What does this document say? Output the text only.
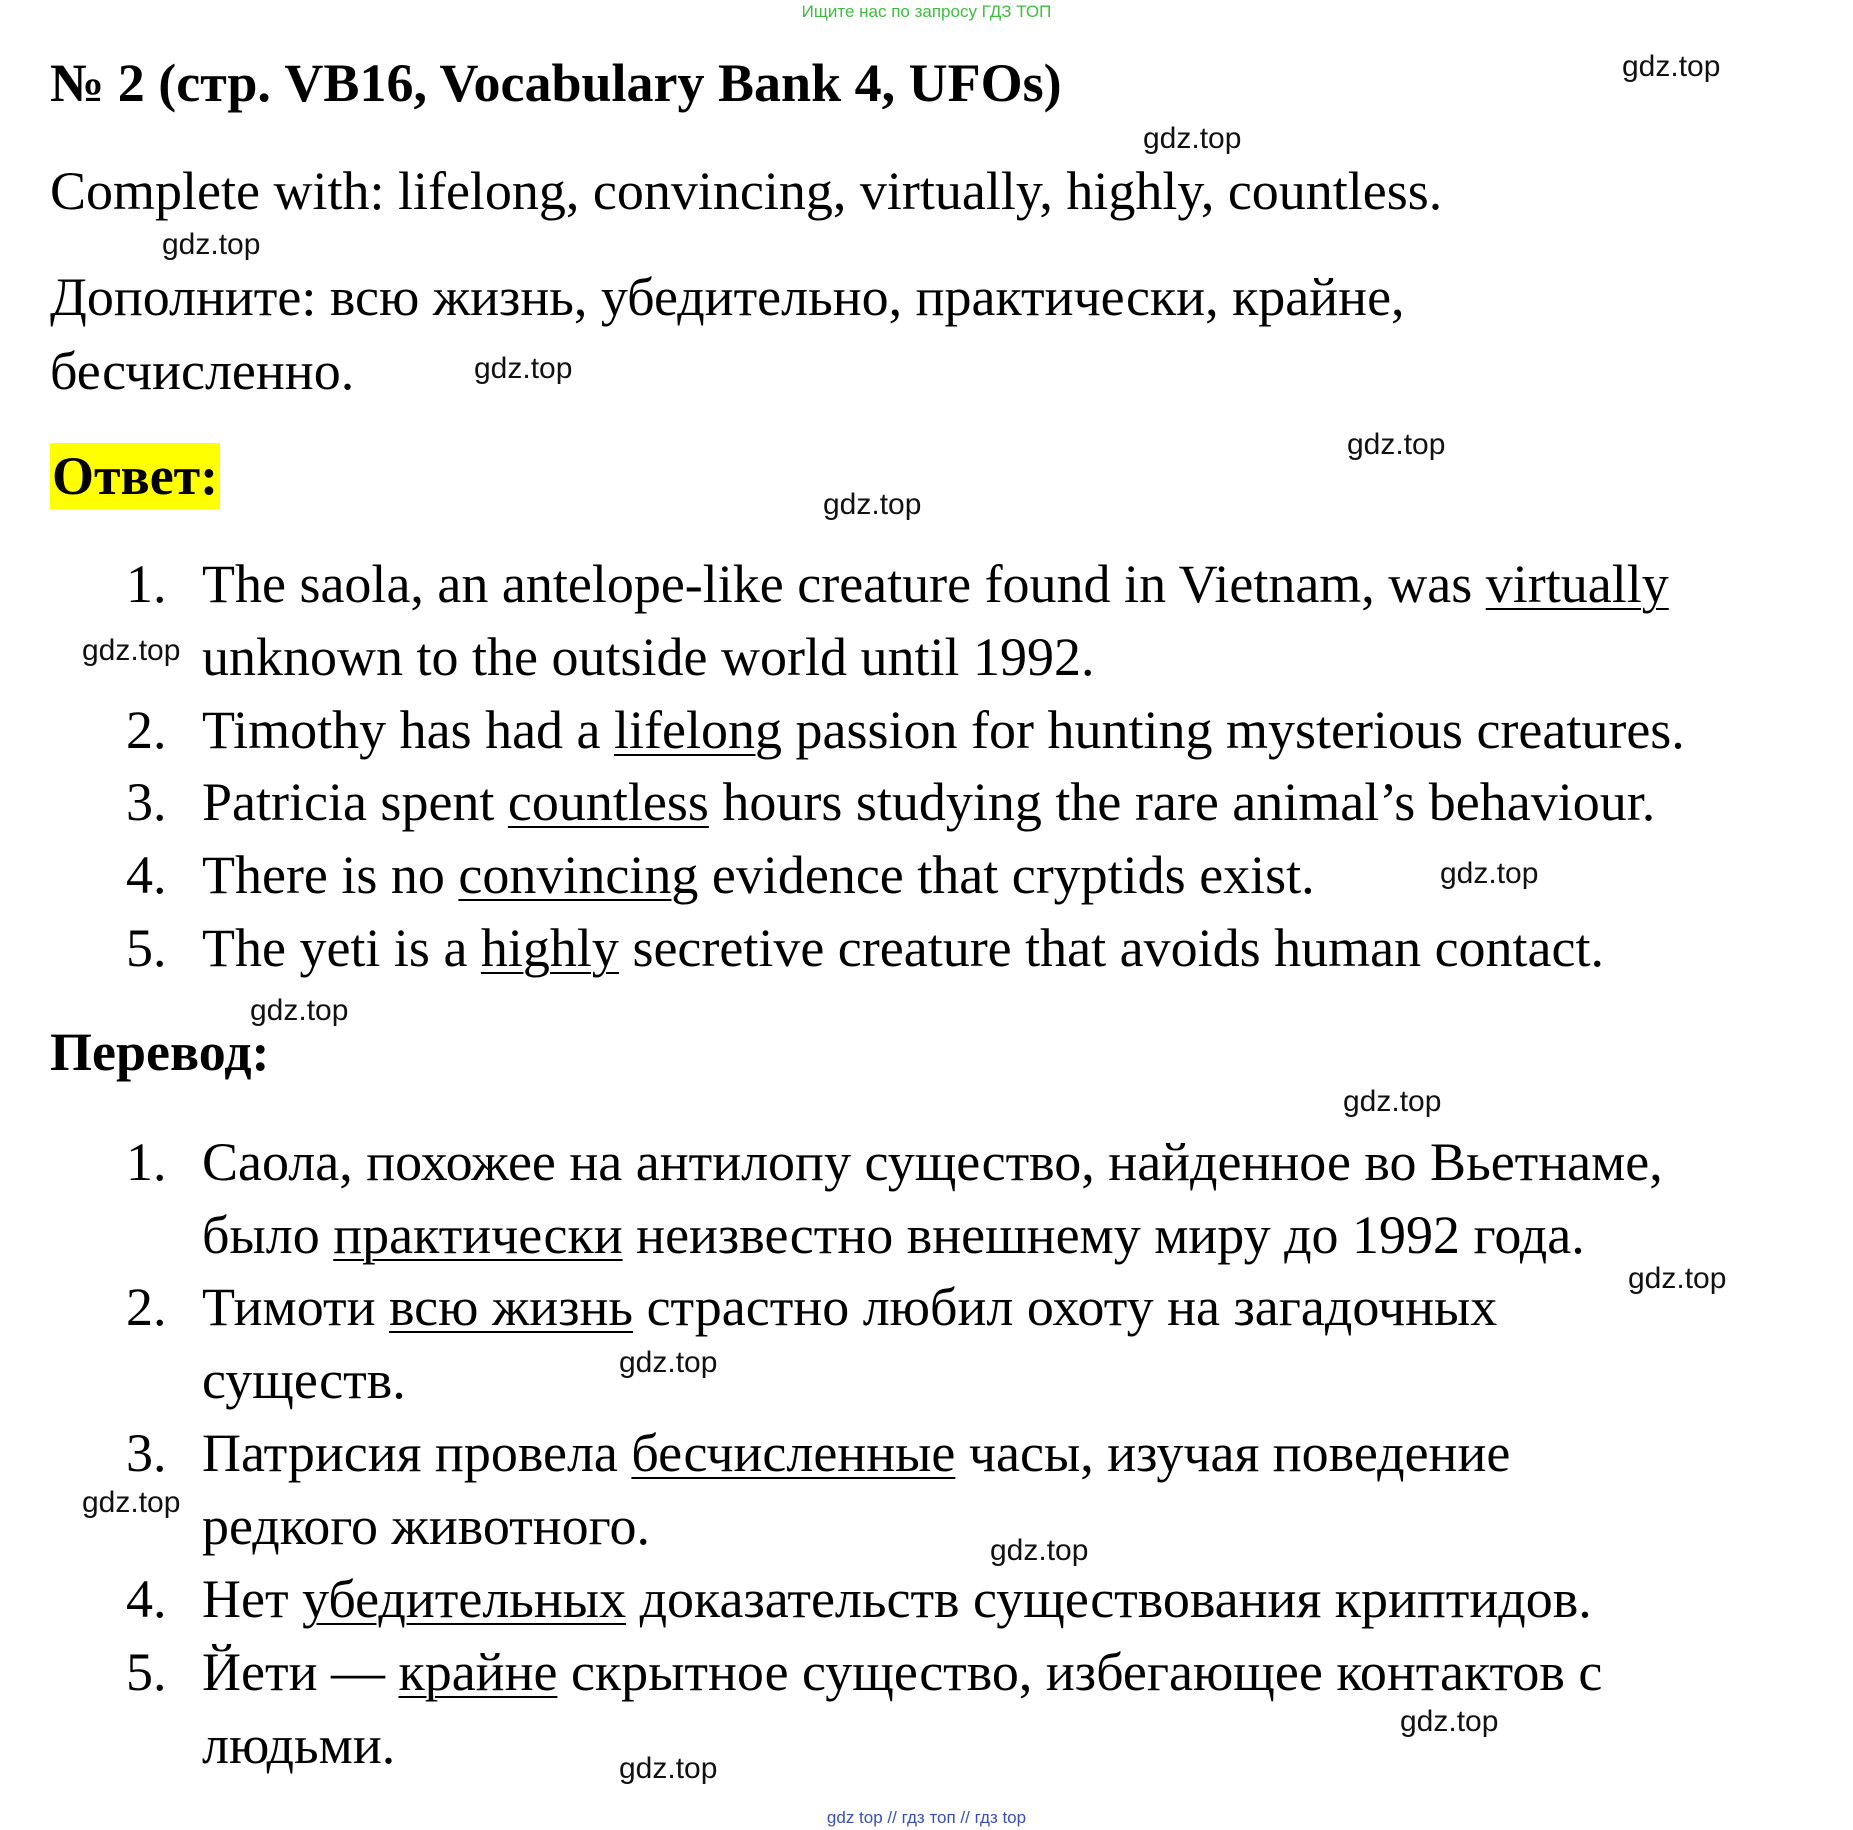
Ищите нас по запросу ГДЗ ТОП
№ 2 (стр. VB16, Vocabulary Bank 4, UFOs)
Complete with: lifelong, convincing, virtually, highly, countless.
Дополните: всю жизнь, убедительно, практически, крайне,
бесчисленно.
Ответ:
1. The saola, an antelope-like creature found in Vietnam, was virtually
unknown to the outside world until 1992.
2. Timothy has had a lifelong passion for hunting mysterious creatures.
3. Patricia spent countless hours studying the rare animal’s behaviour.
4. There is no convincing evidence that cryptids exist.
5. The yeti is a highly secretive creature that avoids human contact.
Перевод:
1. Саола, похожее на антилопу существо, найденное во Вьетнаме,
было практически неизвестно внешнему миру до 1992 года.
2. Тимоти всю жизнь страстно любил охоту на загадочных
существ.
3. Патрисия провела бесчисленные часы, изучая поведение
редкого животного.
4. Нет убедительных доказательств существования криптидов.
5. Йети — крайне скрытное существо, избегающее контактов с
людьми.
gdz.top
gdz.top
gdz.top
gdz.top
gdz.top
gdz.top
gdz.top
gdz.top
gdz.top
gdz.top
gdz.top
gdz.top
gdz.top
gdz.top
gdz.top
gdz.top
gdz top // гдз топ // гдз top
